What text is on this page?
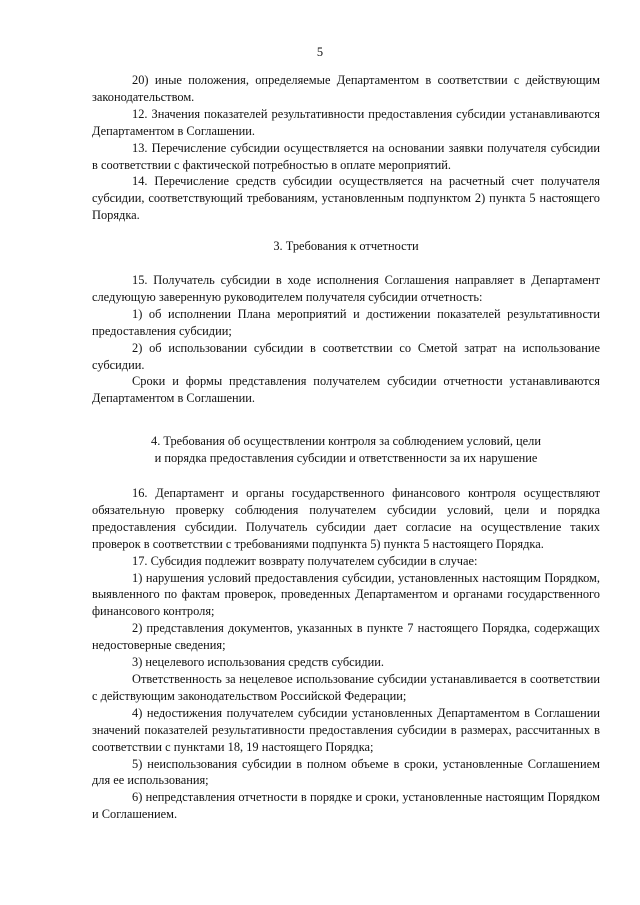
5

20) иные положения, определяемые Департаментом в соответствии с действующим законодательством.

12. Значения показателей результативности предоставления субсидии устанавливаются Департаментом в Соглашении.

13. Перечисление субсидии осуществляется на основании заявки получателя субсидии в соответствии с фактической потребностью в оплате мероприятий.

14. Перечисление средств субсидии осуществляется на расчетный счет получателя субсидии, соответствующий требованиям, установленным подпунктом 2) пункта 5 настоящего Порядка.

3. Требования к отчетности

15. Получатель субсидии в ходе исполнения Соглашения направляет в Департамент следующую заверенную руководителем получателя субсидии отчетность:

1) об исполнении Плана мероприятий и достижении показателей результативности предоставления субсидии;

2) об использовании субсидии в соответствии со Сметой затрат на использование субсидии.

Сроки и формы представления получателем субсидии отчетности устанавливаются Департаментом в Соглашении.

4. Требования об осуществлении контроля за соблюдением условий, цели
и порядка предоставления субсидии и ответственности за их нарушение

16. Департамент и органы государственного финансового контроля осуществляют обязательную проверку соблюдения получателем субсидии условий, цели и порядка предоставления субсидии. Получатель субсидии дает согласие на осуществление таких проверок в соответствии с требованиями подпункта 5) пункта 5 настоящего Порядка.

17. Субсидия подлежит возврату получателем субсидии в случае:

1) нарушения условий предоставления субсидии, установленных настоящим Порядком, выявленного по фактам проверок, проведенных Департаментом и органами государственного финансового контроля;

2) представления документов, указанных в пункте 7 настоящего Порядка, содержащих недостоверные сведения;

3) нецелевого использования средств субсидии.

Ответственность за нецелевое использование субсидии устанавливается в соответствии с действующим законодательством Российской Федерации;

4) недостижения получателем субсидии установленных Департаментом в Соглашении значений показателей результативности предоставления субсидии в размерах, рассчитанных в соответствии с пунктами 18, 19 настоящего Порядка;

5) неиспользования субсидии в полном объеме в сроки, установленные Соглашением для ее использования;

6) непредставления отчетности в порядке и сроки, установленные настоящим Порядком и Соглашением.
